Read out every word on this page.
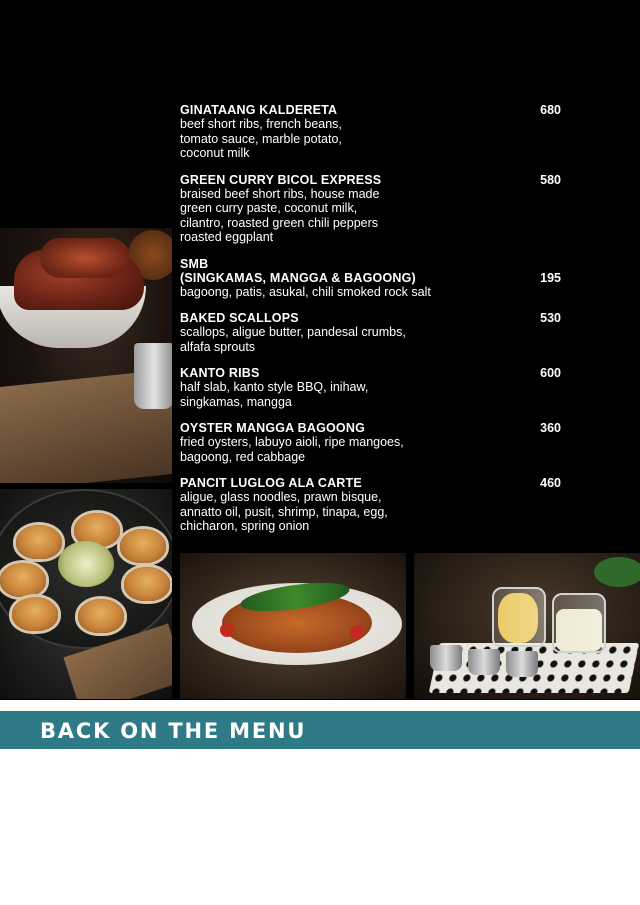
GINATAANG KALDERETA	680
beef short ribs, french beans,
tomato sauce, marble potato,
coconut milk
GREEN CURRY BICOL EXPRESS	580
braised beef short ribs, house made
green curry paste, coconut milk,
cilantro, roasted green chili peppers
roasted eggplant
SMB
(SINGKAMAS, MANGGA & BAGOONG)	195
bagoong, patis, asukal, chili smoked rock salt
BAKED SCALLOPS	530
scallops, aligue butter, pandesal crumbs,
alfafa sprouts
KANTO RIBS	600
half slab, kanto style BBQ, inihaw,
singkamas, mangga
OYSTER MANGGA BAGOONG	360
fried oysters, labuyo aioli, ripe mangoes,
bagoong, red cabbage
PANCIT LUGLOG ALA CARTE	460
aligue, glass noodles, prawn bisque,
annatto oil, pusit, shrimp, tinapa, egg,
chicharon, spring onion
BACK ON THE MENU
